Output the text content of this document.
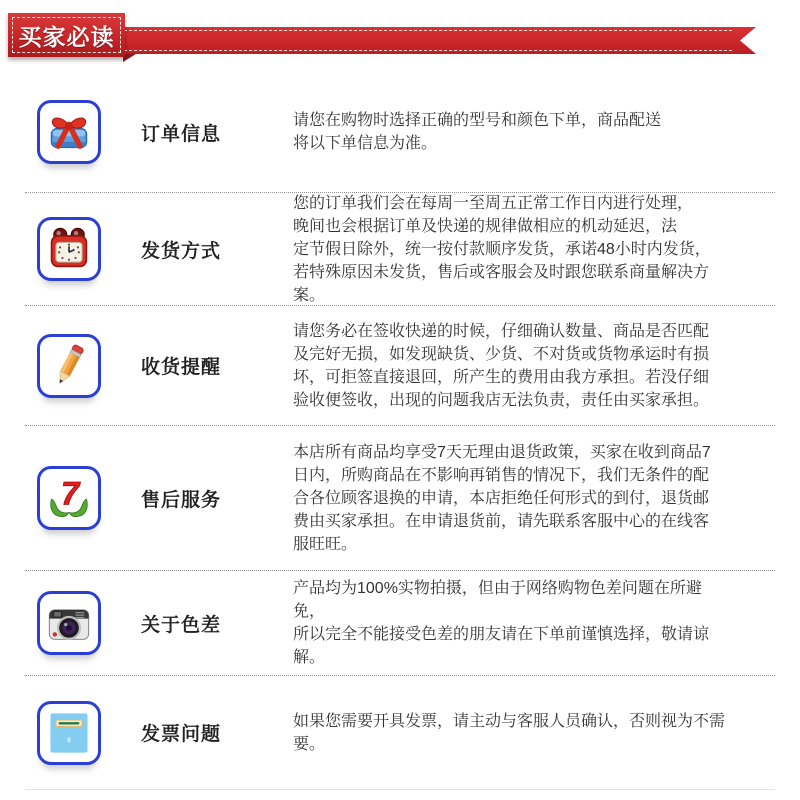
买家必读
订单信息
请您在购物时选择正确的型号和颜色下单，商品配送
将以下单信息为准。
发货方式
您的订单我们会在每周一至周五正常工作日内进行处理，
晚间也会根据订单及快递的规律做相应的机动延迟，法
定节假日除外，统一按付款顺序发货，承诺48小时内发货，
若特殊原因未发货，售后或客服会及时跟您联系商量解决方案。
收货提醒
请您务必在签收快递的时候，仔细确认数量、商品是否匹配
及完好无损，如发现缺货、少货、不对货或货物承运时有损
坏，可拒签直接退回，所产生的费用由我方承担。若没仔细
验收便签收，出现的问题我店无法负责，责任由买家承担。
7	售后服务
本店所有商品均享受7天无理由退货政策，买家在收到商品7
日内，所购商品在不影响再销售的情况下，我们无条件的配
合各位顾客退换的申请，本店拒绝任何形式的到付，退货邮
费由买家承担。在申请退货前，请先联系客服中心的在线客
服旺旺。
关于色差
产品均为100%实物拍摄，但由于网络购物色差问题在所避免，
所以完全不能接受色差的朋友请在下单前谨慎选择，敬请谅解。
发票问题
如果您需要开具发票，请主动与客服人员确认，否则视为不需要。
